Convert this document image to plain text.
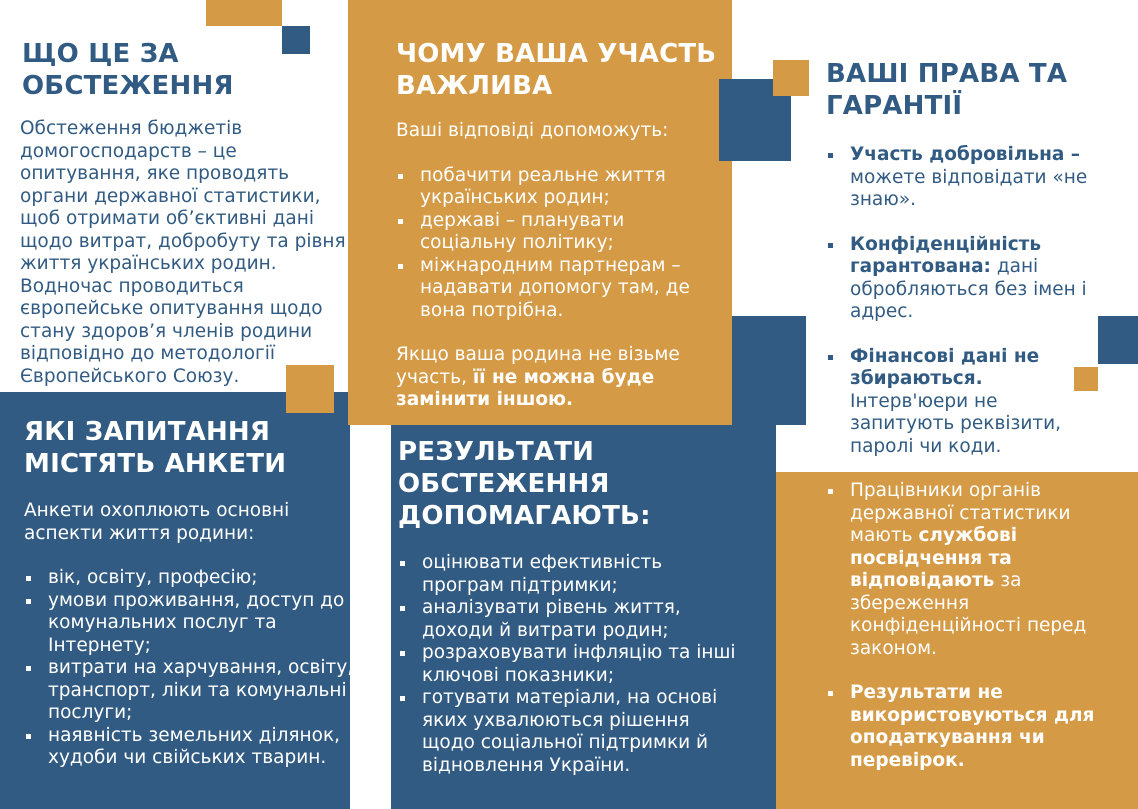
ЩО ЦЕ ЗА ОБСТЕЖЕННЯ

Обстеження бюджетів домогосподарств – це опитування, яке проводять органи державної статистики, щоб отримати об’єктивні дані щодо витрат, добробуту та рівня життя українських родин. Водночас проводиться європейське опитування щодо стану здоров’я членів родини відповідно до методології Європейського Союзу.

ЧОМУ ВАША УЧАСТЬ ВАЖЛИВА

Ваші відповіді допоможуть:

побачити реальне життя українських родин;
державі – планувати соціальну політику;
міжнародним партнерам – надавати допомогу там, де вона потрібна.

Якщо ваша родина не візьме участь, її не можна буде замінити іншою.

ВАШІ ПРАВА ТА ГАРАНТІЇ
Участь добровільна – можете відповідати «не знаю».
Конфіденційність гарантована: дані обробляються без імен і адрес.
Фінансові дані не збираються. Інтерв'юери не запитують реквізити, паролі чи коди.
ЯКІ ЗАПИТАННЯ МІСТЯТЬ АНКЕТИ

Анкети охоплюють основні аспекти життя родини:

вік, освіту, професію;
умови проживання, доступ до комунальних послуг та Інтернету;
витрати на харчування, освіту, транспорт, ліки та комунальні послуги;
наявність земельних ділянок, худоби чи свійських тварин.
РЕЗУЛЬТАТИ ОБСТЕЖЕННЯ ДОПОМАГАЮТЬ:
оцінювати ефективність програм підтримки;
аналізувати рівень життя, доходи й витрати родин;
розраховувати інфляцію та інші ключові показники;
готувати матеріали, на основі яких ухвалюються рішення щодо соціальної підтримки й відновлення України.
Працівники органів державної статистики мають службові посвідчення та відповідають за збереження конфіденційності перед законом.
Результати не використовуються для оподаткування чи перевірок.
